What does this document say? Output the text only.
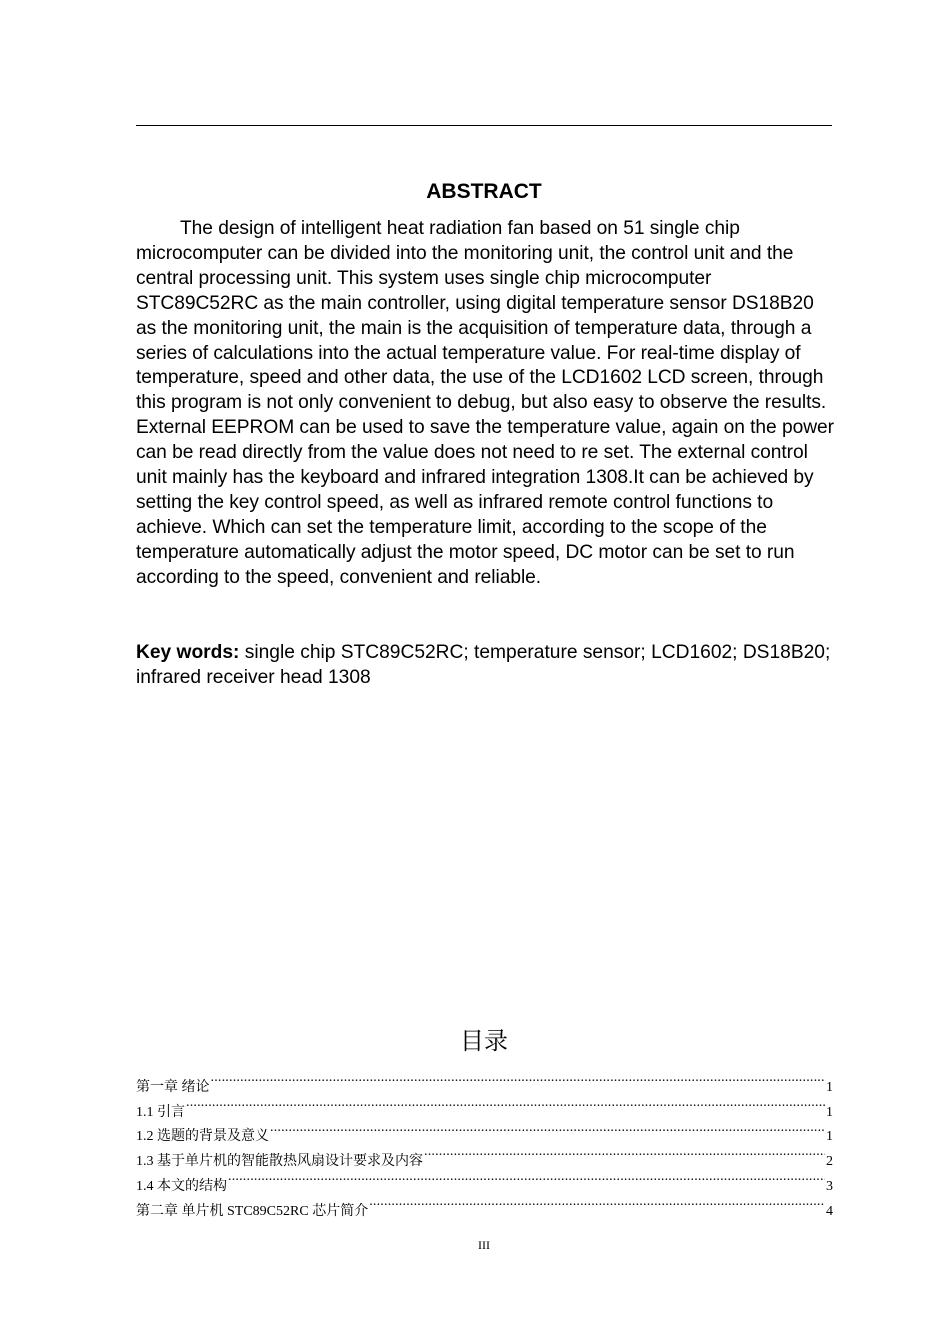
ABSTRACT

The design of intelligent heat radiation fan based on 51 single chip microcomputer can be divided into the monitoring unit, the control unit and the central processing unit. This system uses single chip microcomputer STC89C52RC as the main controller, using digital temperature sensor DS18B20 as the monitoring unit, the main is the acquisition of temperature data, through a series of calculations into the actual temperature value. For real-time display of temperature, speed and other data, the use of the LCD1602 LCD screen, through this program is not only convenient to debug, but also easy to observe the results. External EEPROM can be used to save the temperature value, again on the power can be read directly from the value does not need to re set. The external control unit mainly has the keyboard and infrared integration 1308.It can be achieved by setting the key control speed, as well as infrared remote control functions to achieve. Which can set the temperature limit, according to the scope of the temperature automatically adjust the motor speed, DC motor can be set to run according to the speed, convenient and reliable.

Key words: single chip STC89C52RC; temperature sensor; LCD1602; DS18B20; infrared receiver head 1308

目录
第一章 绪论 .....	1
1.1 引言 .....	1
1.2 选题的背景及意义 .....	1
1.3 基于单片机的智能散热风扇设计要求及内容 .....	2
1.4 本文的结构 .....	3
第二章 单片机 STC89C52RC 芯片简介 .....	4
III
